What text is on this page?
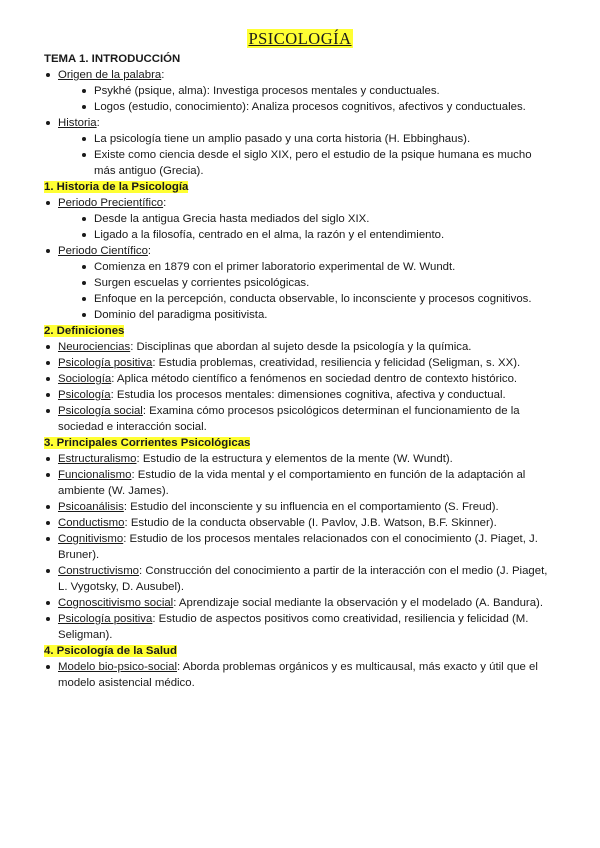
PSICOLOGÍA
TEMA 1. INTRODUCCIÓN
Origen de la palabra:
Psykhé (psique, alma): Investiga procesos mentales y conductuales.
Logos (estudio, conocimiento): Analiza procesos cognitivos, afectivos y conductuales.
Historia:
La psicología tiene un amplio pasado y una corta historia (H. Ebbinghaus).
Existe como ciencia desde el siglo XIX, pero el estudio de la psique humana es mucho más antiguo (Grecia).
1. Historia de la Psicología
Periodo Precientífico:
Desde la antigua Grecia hasta mediados del siglo XIX.
Ligado a la filosofía, centrado en el alma, la razón y el entendimiento.
Periodo Científico:
Comienza en 1879 con el primer laboratorio experimental de W. Wundt.
Surgen escuelas y corrientes psicológicas.
Enfoque en la percepción, conducta observable, lo inconsciente y procesos cognitivos.
Dominio del paradigma positivista.
2. Definiciones
Neurociencias: Disciplinas que abordan al sujeto desde la psicología y la química.
Psicología positiva: Estudia problemas, creatividad, resiliencia y felicidad (Seligman, s. XX).
Sociología: Aplica método científico a fenómenos en sociedad dentro de contexto histórico.
Psicología: Estudia los procesos mentales: dimensiones cognitiva, afectiva y conductual.
Psicología social: Examina cómo procesos psicológicos determinan el funcionamiento de la sociedad e interacción social.
3. Principales Corrientes Psicológicas
Estructuralismo: Estudio de la estructura y elementos de la mente (W. Wundt).
Funcionalismo: Estudio de la vida mental y el comportamiento en función de la adaptación al ambiente (W. James).
Psicoanálisis: Estudio del inconsciente y su influencia en el comportamiento (S. Freud).
Conductismo: Estudio de la conducta observable (I. Pavlov, J.B. Watson, B.F. Skinner).
Cognitivismo: Estudio de los procesos mentales relacionados con el conocimiento (J. Piaget, J. Bruner).
Constructivismo: Construcción del conocimiento a partir de la interacción con el medio (J. Piaget, L. Vygotsky, D. Ausubel).
Cognoscitivismo social: Aprendizaje social mediante la observación y el modelado (A. Bandura).
Psicología positiva: Estudio de aspectos positivos como creatividad, resiliencia y felicidad (M. Seligman).
4. Psicología de la Salud
Modelo bio-psico-social: Aborda problemas orgánicos y es multicausal, más exacto y útil que el modelo asistencial médico.
